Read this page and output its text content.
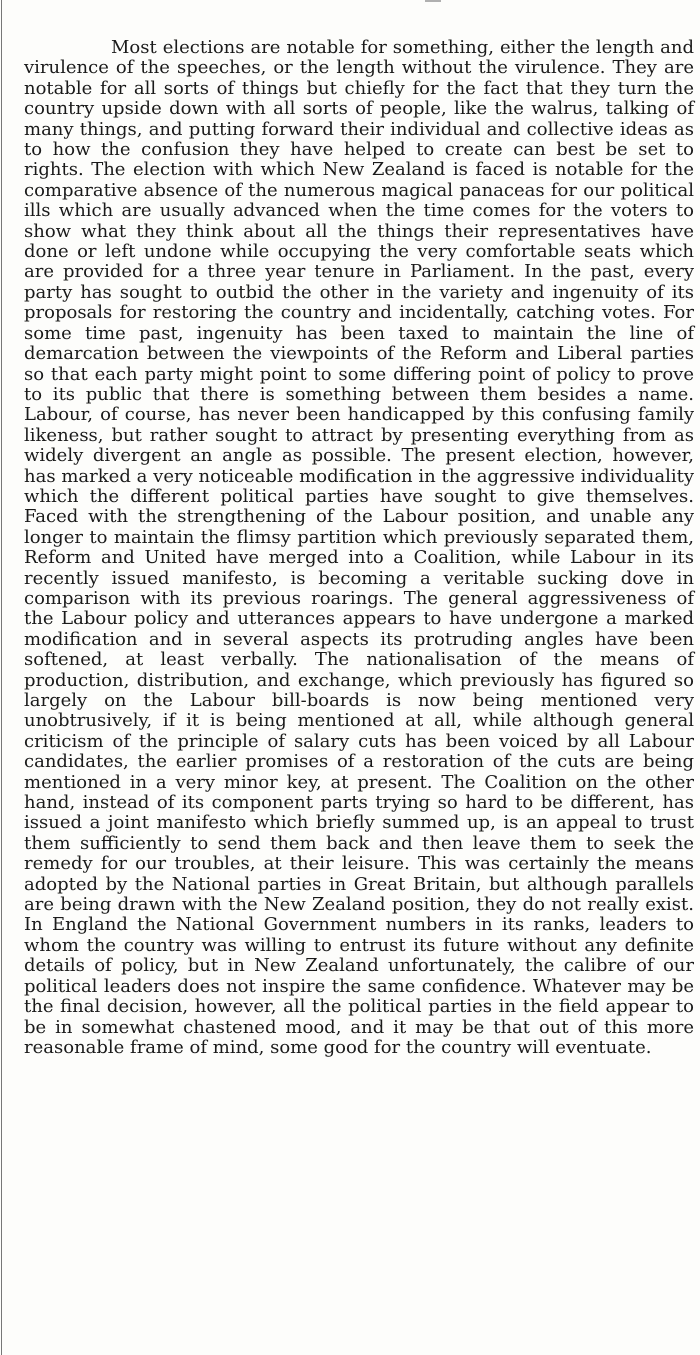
Most elections are notable for something, either the length and virulence of the speeches, or the length without the virulence. They are notable for all sorts of things but chiefly for the fact that they turn the country upside down with all sorts of people, like the walrus, talking of many things, and putting forward their individual and collective ideas as to how the confusion they have helped to create can best be set to rights. The election with which New Zealand is faced is notable for the comparative absence of the numerous magical panaceas for our political ills which are usually advanced when the time comes for the voters to show what they think about all the things their representatives have done or left undone while occupying the very comfortable seats which are provided for a three year tenure in Parliament. In the past, every party has sought to outbid the other in the variety and ingenuity of its proposals for restoring the country and incidentally, catching votes. For some time past, ingenuity has been taxed to maintain the line of demarcation between the viewpoints of the Reform and Liberal parties so that each party might point to some differing point of policy to prove to its public that there is something between them besides a name. Labour, of course, has never been handicapped by this confusing family likeness, but rather sought to attract by presenting everything from as widely divergent an angle as possible. The present election, however, has marked a very noticeable modification in the aggressive individuality which the different political parties have sought to give themselves. Faced with the strengthening of the Labour position, and unable any longer to maintain the flimsy partition which previously separated them, Reform and United have merged into a Coalition, while Labour in its recently issued manifesto, is becoming a veritable sucking dove in comparison with its previous roarings. The general aggressiveness of the Labour policy and utterances appears to have undergone a marked modification and in several aspects its protruding angles have been softened, at least verbally. The nationalisation of the means of production, distribution, and exchange, which previously has figured so largely on the Labour bill-boards is now being mentioned very unobtrusively, if it is being mentioned at all, while although general criticism of the principle of salary cuts has been voiced by all Labour candidates, the earlier promises of a restoration of the cuts are being mentioned in a very minor key, at present. The Coalition on the other hand, instead of its component parts trying so hard to be different, has issued a joint manifesto which briefly summed up, is an appeal to trust them sufficiently to send them back and then leave them to seek the remedy for our troubles, at their leisure. This was certainly the means adopted by the National parties in Great Britain, but although parallels are being drawn with the New Zealand position, they do not really exist. In England the National Government numbers in its ranks, leaders to whom the country was willing to entrust its future without any definite details of policy, but in New Zealand unfortunately, the calibre of our political leaders does not inspire the same confidence. Whatever may be the final decision, however, all the political parties in the field appear to be in somewhat chastened mood, and it may be that out of this more reasonable frame of mind, some good for the country will eventuate.
